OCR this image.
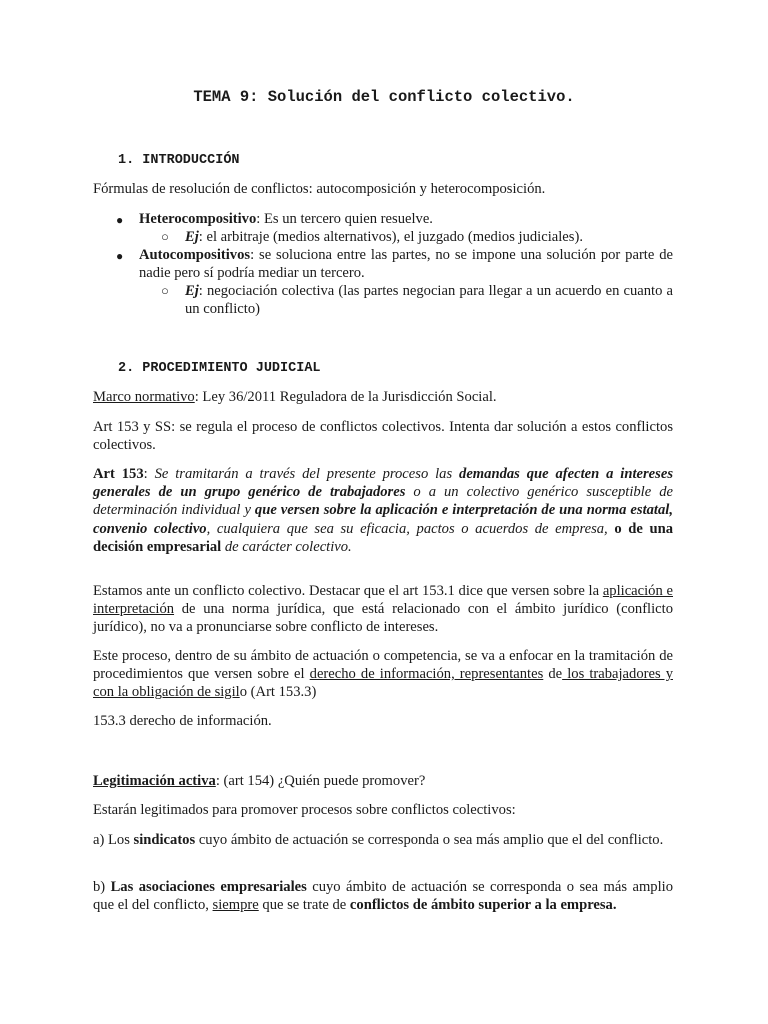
TEMA 9: Solución del conflicto colectivo.
1. INTRODUCCIÓN

Fórmulas de resolución de conflictos: autocomposición y heterocomposición.

● Heterocompositivo: Es un tercero quien resuelve.

○ Ej: el arbitraje (medios alternativos), el juzgado (medios judiciales).

● Autocompositivos: se soluciona entre las partes, no se impone una solución por parte de nadie pero sí podría mediar un tercero.

○ Ej: negociación colectiva (las partes negocian para llegar a un acuerdo en cuanto a un conflicto)

2. PROCEDIMIENTO JUDICIAL

Marco normativo: Ley 36/2011 Reguladora de la Jurisdicción Social.

Art 153 y SS: se regula el proceso de conflictos colectivos. Intenta dar solución a estos conflictos colectivos.

Art 153: Se tramitarán a través del presente proceso las demandas que afecten a intereses generales de un grupo genérico de trabajadores o a un colectivo genérico susceptible de determinación individual y que versen sobre la aplicación e interpretación de una norma estatal, convenio colectivo, cualquiera que sea su eficacia, pactos o acuerdos de empresa, o de una decisión empresarial de carácter colectivo.

Estamos ante un conflicto colectivo. Destacar que el art 153.1 dice que versen sobre la aplicación e interpretación de una norma jurídica, que está relacionado con el ámbito jurídico (conflicto jurídico), no va a pronunciarse sobre conflicto de intereses.

Este proceso, dentro de su ámbito de actuación o competencia, se va a enfocar en la tramitación de procedimientos que versen sobre el derecho de información, representantes de los trabajadores y con la obligación de sigilo (Art 153.3)

153.3 derecho de información.

Legitimación activa: (art 154) ¿Quién puede promover?

Estarán legitimados para promover procesos sobre conflictos colectivos:

a) Los sindicatos cuyo ámbito de actuación se corresponda o sea más amplio que el del conflicto.

b) Las asociaciones empresariales cuyo ámbito de actuación se corresponda o sea más amplio que el del conflicto, siempre que se trate de conflictos de ámbito superior a la empresa.
